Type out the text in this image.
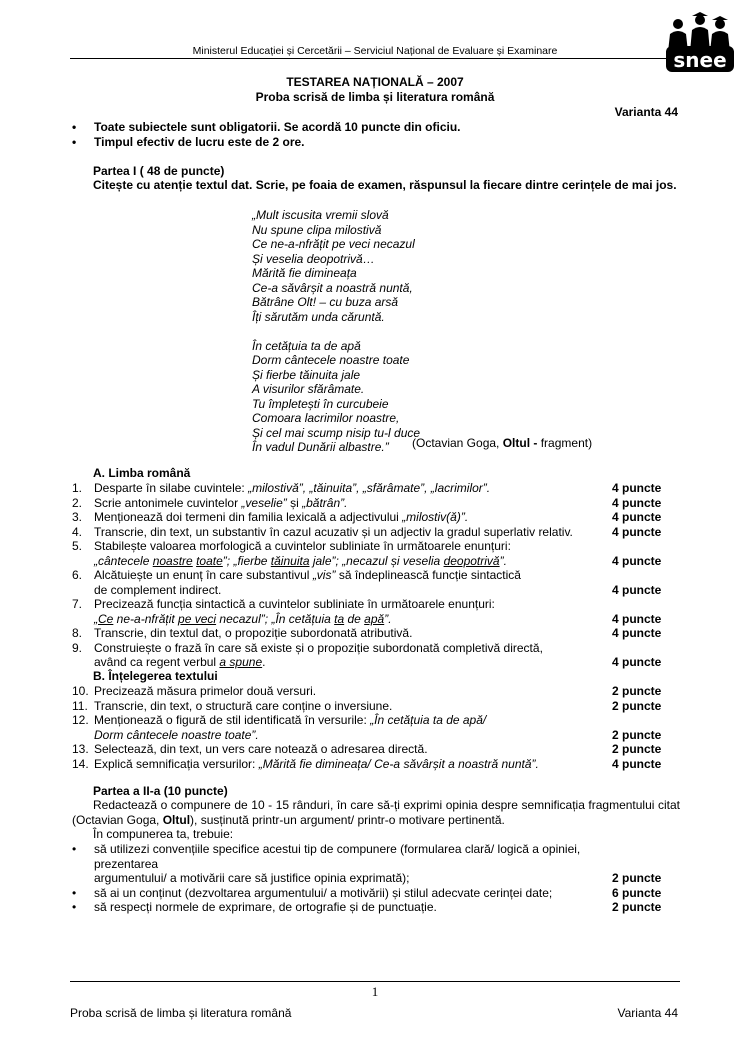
Ministerul Educației și Cercetării – Serviciul Național de Evaluare și Examinare	snee
TESTAREA NAȚIONALĂ – 2007
Proba scrisă de limba și literatura română
Varianta 44
• Toate subiectele sunt obligatorii. Se acordă 10 puncte din oficiu.
• Timpul efectiv de lucru este de 2 ore.
Partea I ( 48 de puncte)
Citește cu atenție textul dat. Scrie, pe foaia de examen, răspunsul la fiecare dintre cerințele de mai jos.
„Mult iscusita vremii slovă
Nu spune clipa milostivă
Ce ne-a-nfrățit pe veci necazul
Și veselia deopotrivă…
Mărită fie dimineața
Ce-a săvârșit a noastră nuntă,
Bătrâne Olt! – cu buza arsă
Îți sărutăm unda căruntă.
În cetățuia ta de apă
Dorm cântecele noastre toate
Și fierbe tăinuita jale
A visurilor sfărâmate.
Tu împletești în curcubeie
Comoara lacrimilor noastre,
Și cel mai scump nisip tu-l duce
În vadul Dunării albastre.”	(Octavian Goga, Oltul - fragment)
A. Limba română
1. Desparte în silabe cuvintele: „milostivă”, „tăinuita”, „sfărâmate”, „lacrimilor”.	4 puncte
2. Scrie antonimele cuvintelor „veselie” și „bătrân”.	4 puncte
3. Menționează doi termeni din familia lexicală a adjectivului „milostiv(ă)”.	4 puncte
4. Transcrie, din text, un substantiv în cazul acuzativ și un adjectiv la gradul superlativ relativ.	4 puncte
5. Stabilește valoarea morfologică a cuvintelor subliniate în următoarele enunțuri:
„cântecele noastre toate”; „fierbe tăinuita jale”; „necazul și veselia deopotrivă”.	4 puncte
6. Alcătuiește un enunț în care substantivul „vis” să îndeplinească funcție sintactică
de complement indirect.	4 puncte
7. Precizează funcția sintactică a cuvintelor subliniate în următoarele enunțuri:
„Ce ne-a-nfrățit pe veci necazul”; „În cetățuia ta de apă”.	4 puncte
8. Transcrie, din textul dat, o propoziție subordonată atributivă.	4 puncte
9. Construiește o frază în care să existe și o propoziție subordonată completivă directă,
având ca regent verbul a spune.	4 puncte
B. Înțelegerea textului
10. Precizează măsura primelor două versuri.	2 puncte
11. Transcrie, din text, o structură care conține o inversiune.	2 puncte
12. Menționează o figură de stil identificată în versurile: „În cetățuia ta de apă/
Dorm cântecele noastre toate”.	2 puncte
13. Selectează, din text, un vers care notează o adresarea directă.	2 puncte
14. Explică semnificația versurilor: „Mărită fie dimineața/ Ce-a săvârșit a noastră nuntă”.	4 puncte
Partea a II-a (10 puncte)
Redactează o compunere de 10 - 15 rânduri, în care să-ți exprimi opinia despre semnificația fragmentului citat (Octavian Goga, Oltul), susținută printr-un argument/ printr-o motivare pertinentă.
În compunerea ta, trebuie:
• să utilizezi convențiile specifice acestui tip de compunere (formularea clară/ logică a opiniei, prezentarea
argumentului/ a motivării care să justifice opinia exprimată);	2 puncte
• să ai un conținut (dezvoltarea argumentului/ a motivării) și stilul adecvate cerinței date;	6 puncte
• să respecți normele de exprimare, de ortografie și de punctuație.	2 puncte
1
Proba scrisă de limba și literatura română	Varianta 44
